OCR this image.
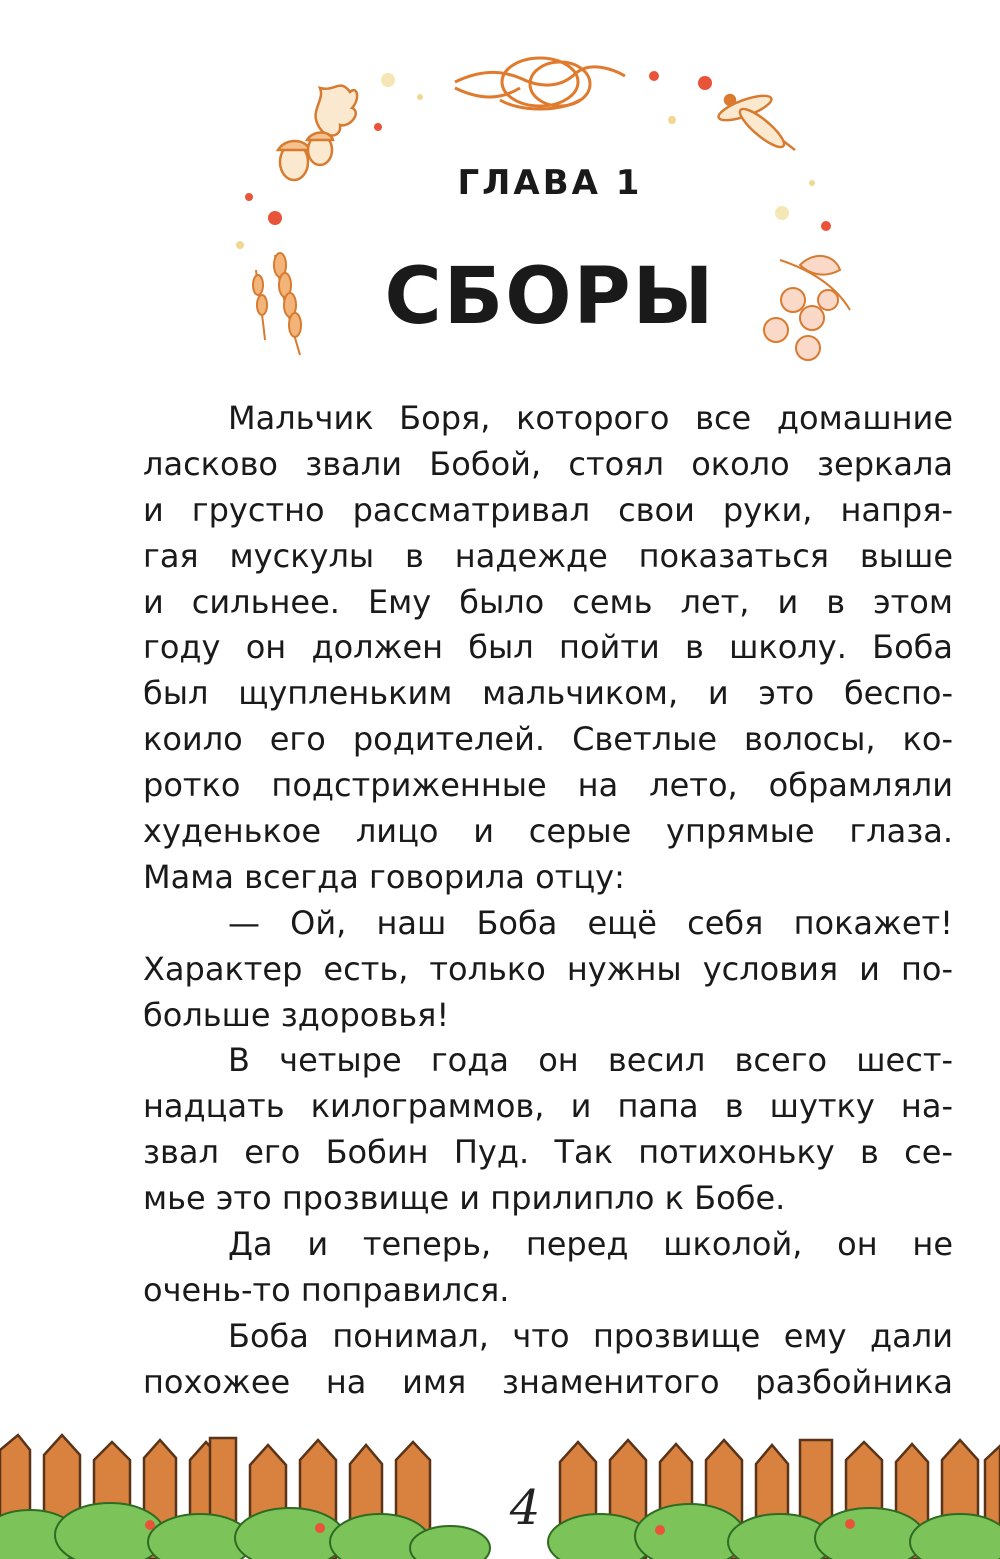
ГЛАВА 1
СБОРЫ
Мальчик Боря, которого все домашние
ласково звали Бобой, стоял около зеркала
и грустно рассматривал свои руки, напря-
гая мускулы в надежде показаться выше
и сильнее. Ему было семь лет, и в этом
году он должен был пойти в школу. Боба
был щупленьким мальчиком, и это беспо-
коило его родителей. Светлые волосы, ко-
ротко подстриженные на лето, обрамляли
худенькое лицо и серые упрямые глаза.
Мама всегда говорила отцу:
— Ой, наш Боба ещё себя покажет!
Характер есть, только нужны условия и по-
больше здоровья!
В четыре года он весил всего шест-
надцать килограммов, и папа в шутку на-
звал его Бобин Пуд. Так потихоньку в се-
мье это прозвище и прилипло к Бобе.
Да и теперь, перед школой, он не
очень-то поправился.
Боба понимал, что прозвище ему дали
похожее на имя знаменитого разбойника
4
